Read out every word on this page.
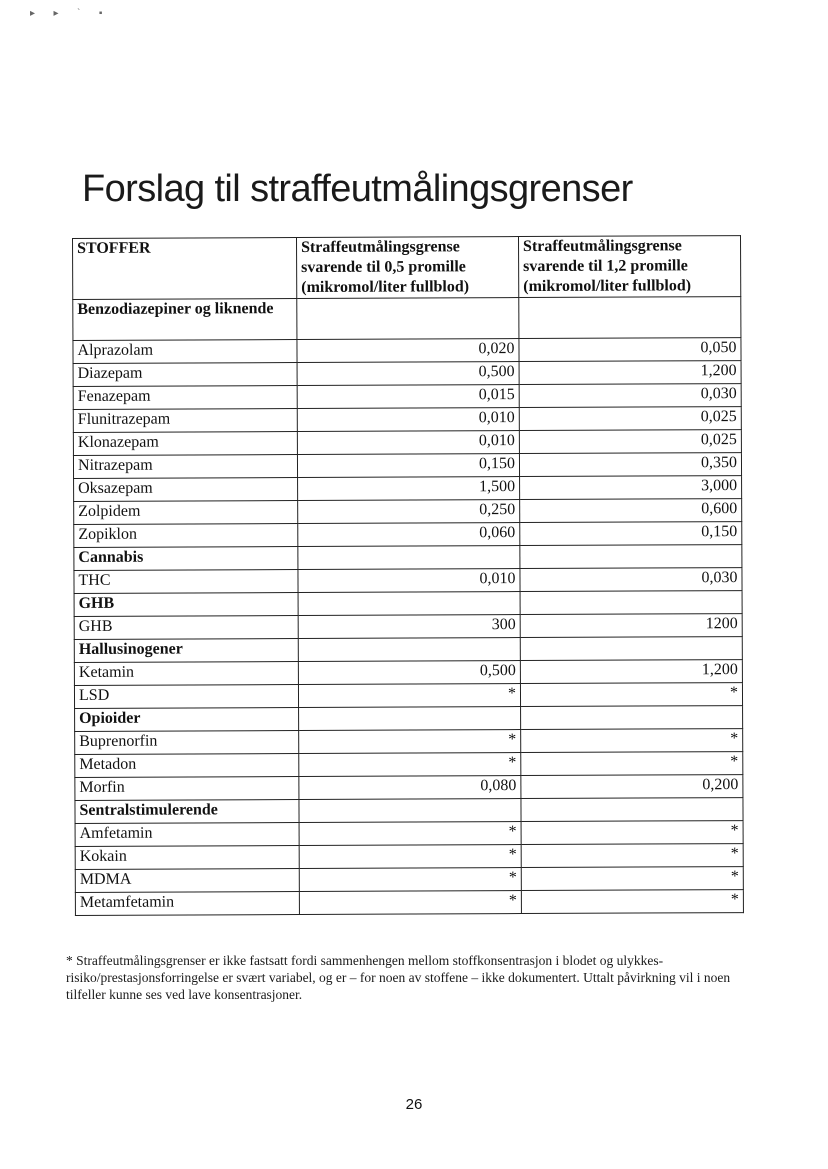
▸ ▸ ˋ ▪
Forslag til straffeutmålingsgrenser
STOFFER	Straffeutmålingsgrense svarende til 0,5 promille (mikromol/liter fullblod)	Straffeutmålingsgrense svarende til 1,2 promille (mikromol/liter fullblod)
Benzodiazepiner og liknende		
Alprazolam	0,020	0,050
Diazepam	0,500	1,200
Fenazepam	0,015	0,030
Flunitrazepam	0,010	0,025
Klonazepam	0,010	0,025
Nitrazepam	0,150	0,350
Oksazepam	1,500	3,000
Zolpidem	0,250	0,600
Zopiklon	0,060	0,150
Cannabis		
THC	0,010	0,030
GHB		
GHB	300	1200
Hallusinogener		
Ketamin	0,500	1,200
LSD	*	*
Opioider		
Buprenorfin	*	*
Metadon	*	*
Morfin	0,080	0,200
Sentralstimulerende		
Amfetamin	*	*
Kokain	*	*
MDMA	*	*
Metamfetamin	*	*

* Straffeutmålingsgrenser er ikke fastsatt fordi sammenhengen mellom stoffkonsentrasjon i blodet og ulykkes-risiko/prestasjonsforringelse er svært variabel, og er – for noen av stoffene – ikke dokumentert. Uttalt påvirkning vil i noen tilfeller kunne ses ved lave konsentrasjoner.

26
